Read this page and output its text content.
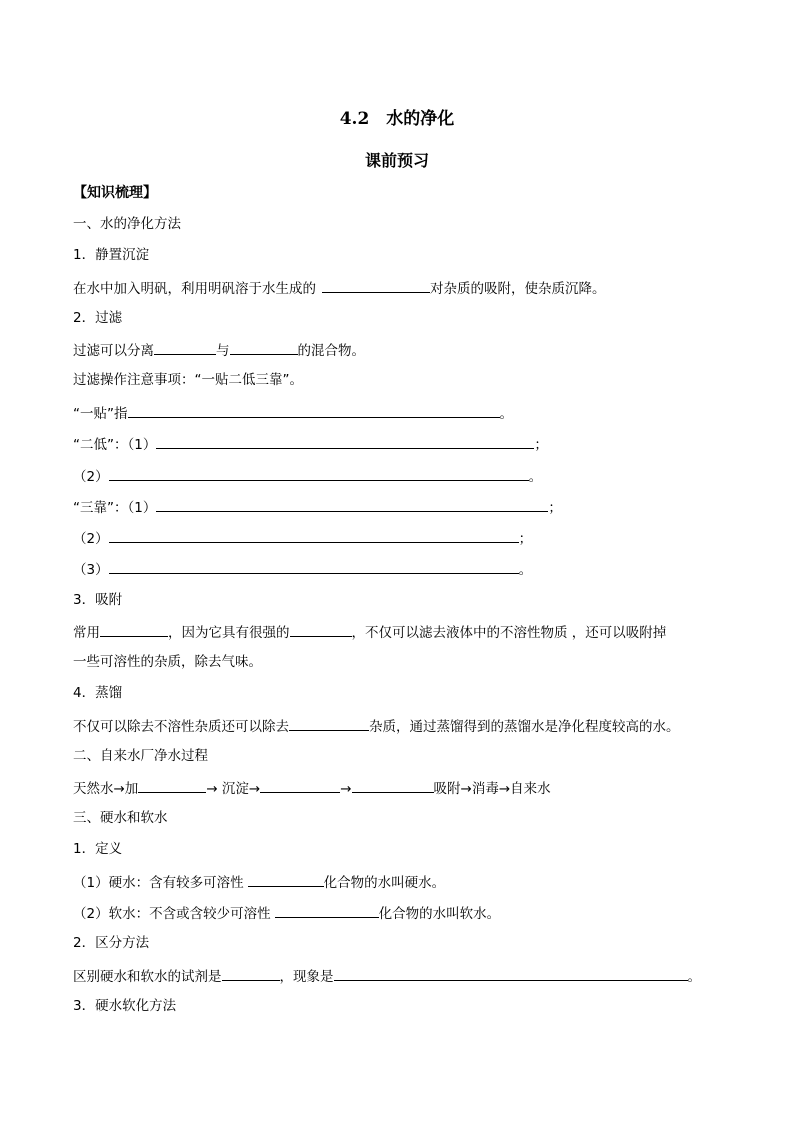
4.2　水的净化
课前预习
【知识梳理】
一、水的净化方法
1．静置沉淀
在水中加入明矾，利用明矾溶于水生成的	对杂质的吸附，使杂质沉降。
2．过滤
过滤可以分离	与	的混合物。
过滤操作注意事项：“一贴二低三靠”。
“一贴”指	。
“二低”：（1）	；
（2）	。
“三靠”：（1）	；
（2）	；
（3）	。
3．吸附
常用	，因为它具有很强的	，不仅可以滤去液体中的不溶性物质 ，还可以吸附掉
一些可溶性的杂质，除去气味。
4．蒸馏
不仅可以除去不溶性杂质还可以除去	杂质，通过蒸馏得到的蒸馏水是净化程度较高的水。
二、自来水厂净水过程
天然水→加	→ 沉淀→	→	吸附→消毒→自来水
三、硬水和软水
1．定义
（1）硬水：含有较多可溶性	化合物的水叫硬水。
（2）软水：不含或含较少可溶性	化合物的水叫软水。
2．区分方法
区别硬水和软水的试剂是	，现象是	。
3．硬水软化方法
